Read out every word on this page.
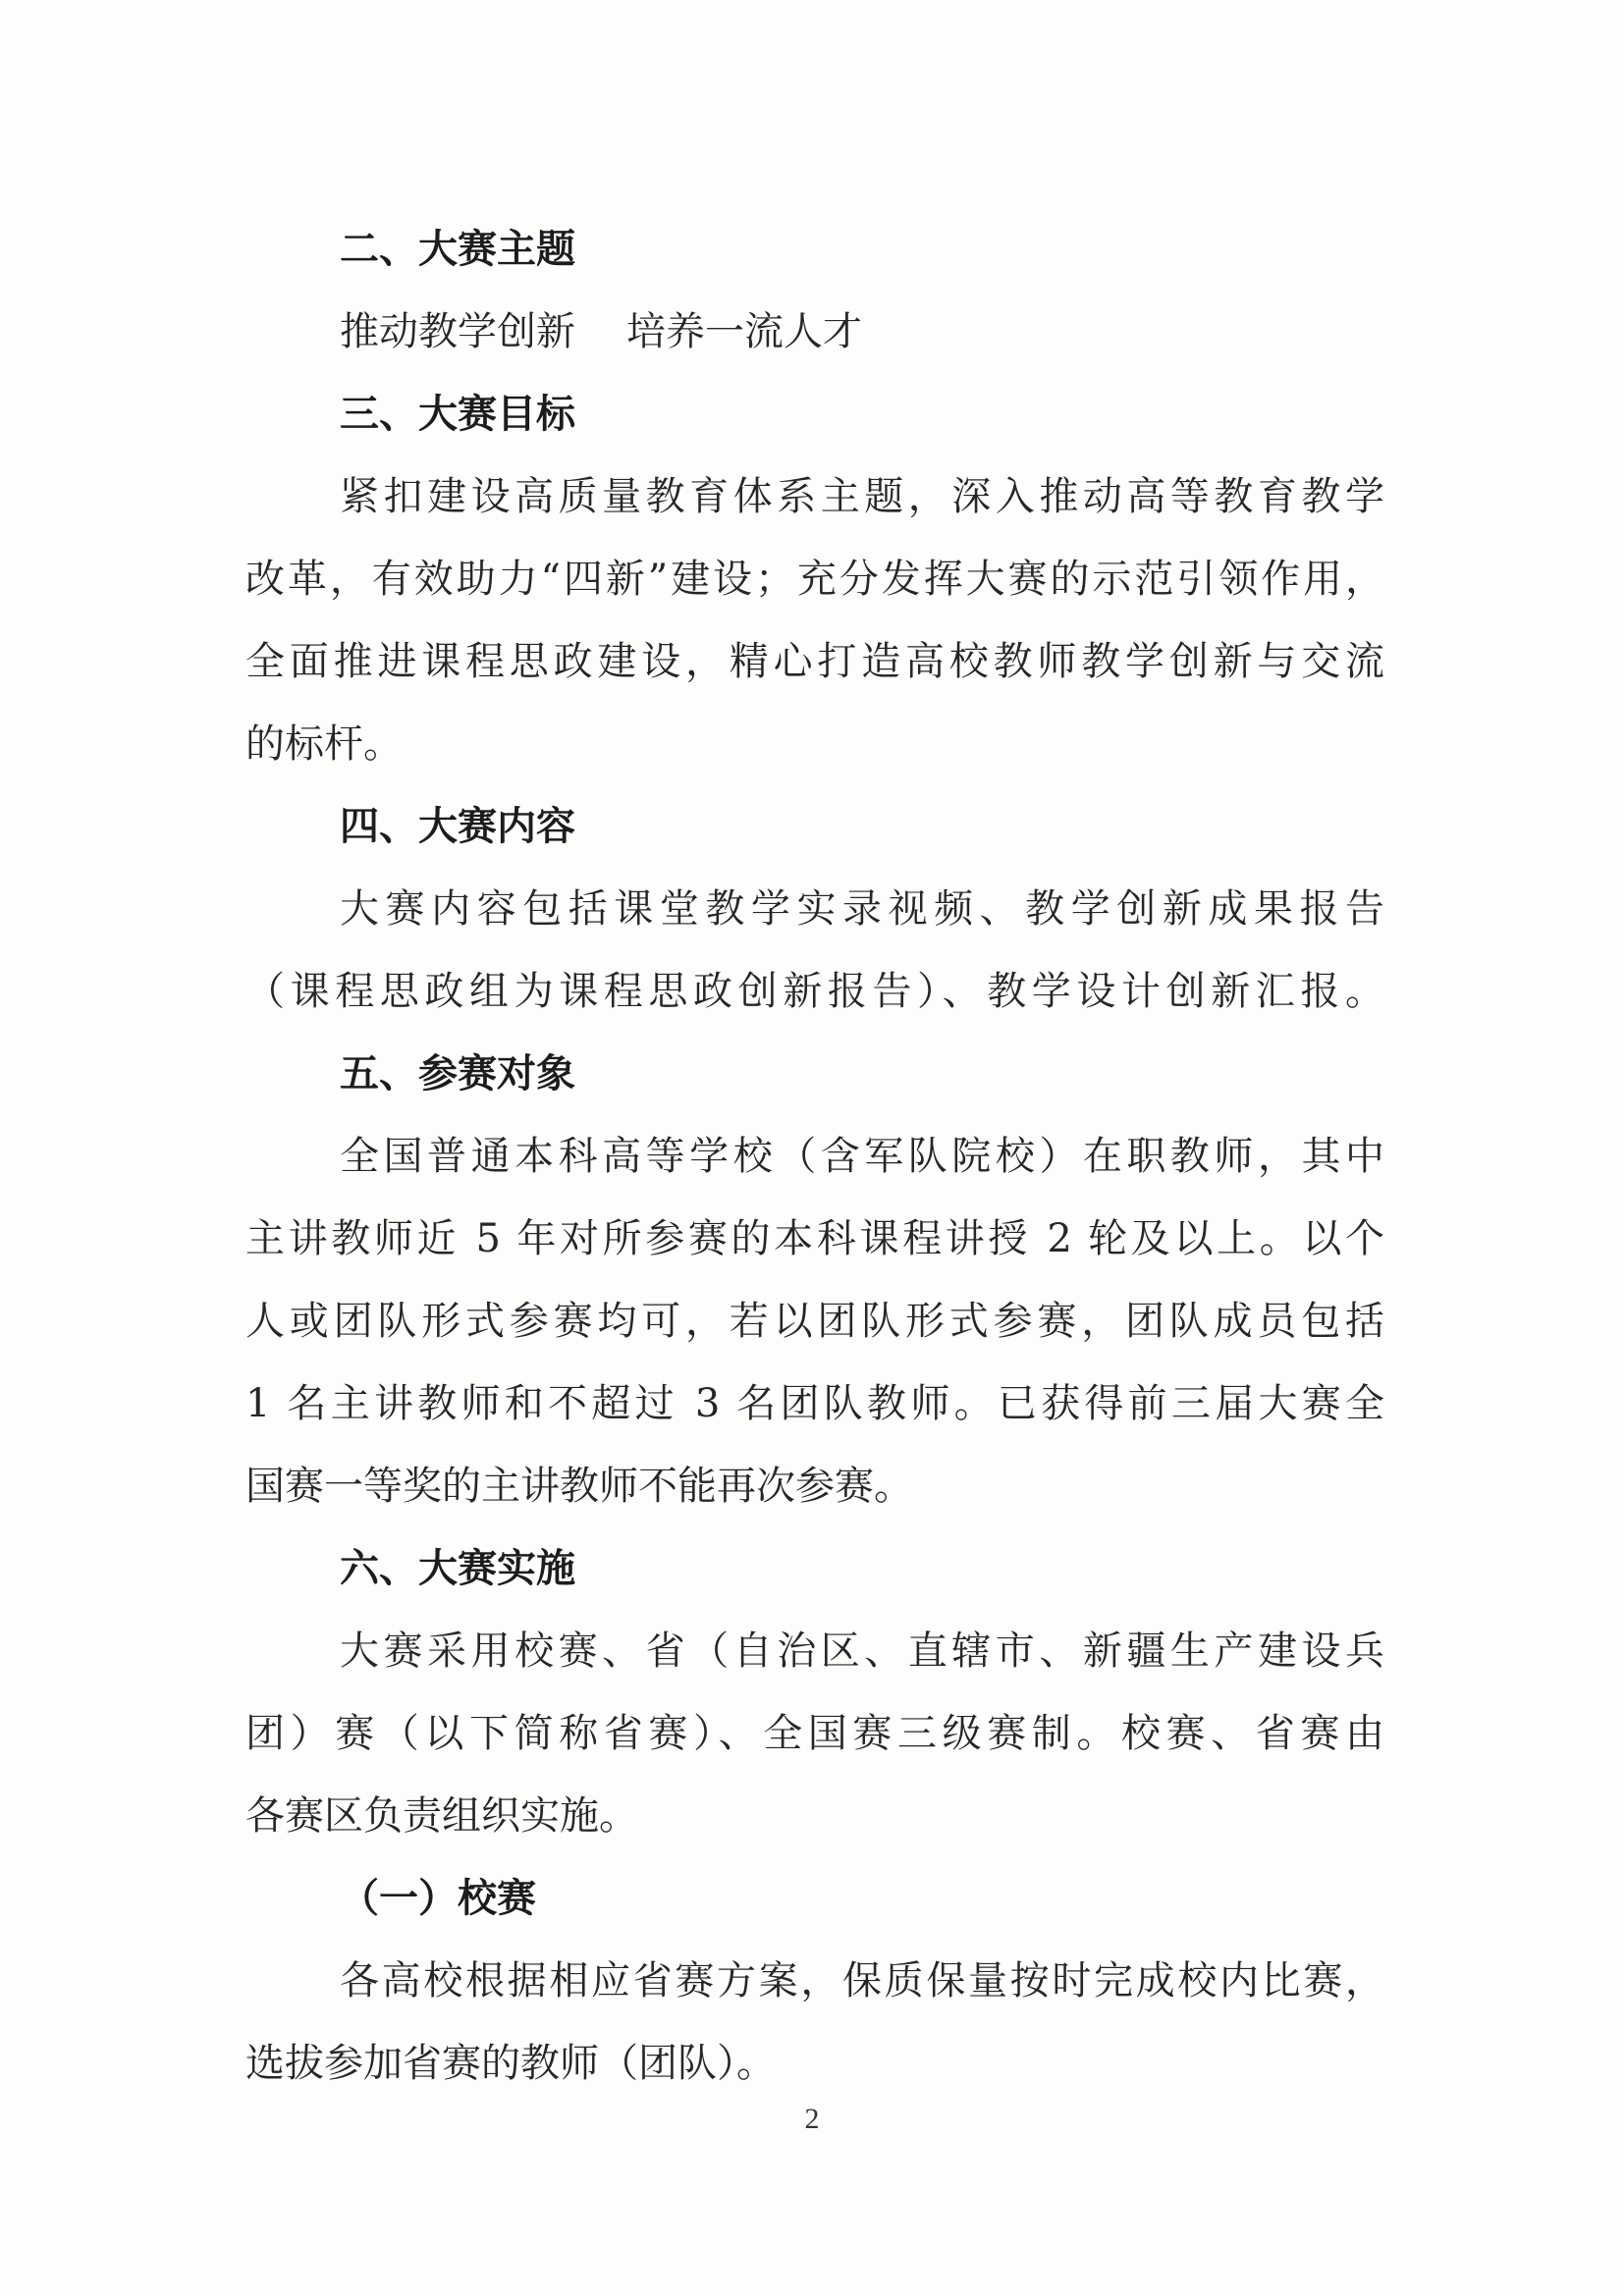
二、大赛主题
推动教学创新 培养一流人才
三、大赛目标
紧扣建设高质量教育体系主题，深入推动高等教育教学
改革，有效助力“四新”建设；充分发挥大赛的示范引领作用，
全面推进课程思政建设，精心打造高校教师教学创新与交流
的标杆。
四、大赛内容
大赛内容包括课堂教学实录视频、教学创新成果报告
（课程思政组为课程思政创新报告）、教学设计创新汇报。
五、参赛对象
全国普通本科高等学校（含军队院校）在职教师，其中
主讲教师近 5 年对所参赛的本科课程讲授 2 轮及以上。以个
人或团队形式参赛均可，若以团队形式参赛，团队成员包括
1 名主讲教师和不超过 3 名团队教师。已获得前三届大赛全
国赛一等奖的主讲教师不能再次参赛。
六、大赛实施
大赛采用校赛、省（自治区、直辖市、新疆生产建设兵
团）赛（以下简称省赛）、全国赛三级赛制。校赛、省赛由
各赛区负责组织实施。
（一）校赛
各高校根据相应省赛方案，保质保量按时完成校内比赛，
选拔参加省赛的教师（团队）。
2
